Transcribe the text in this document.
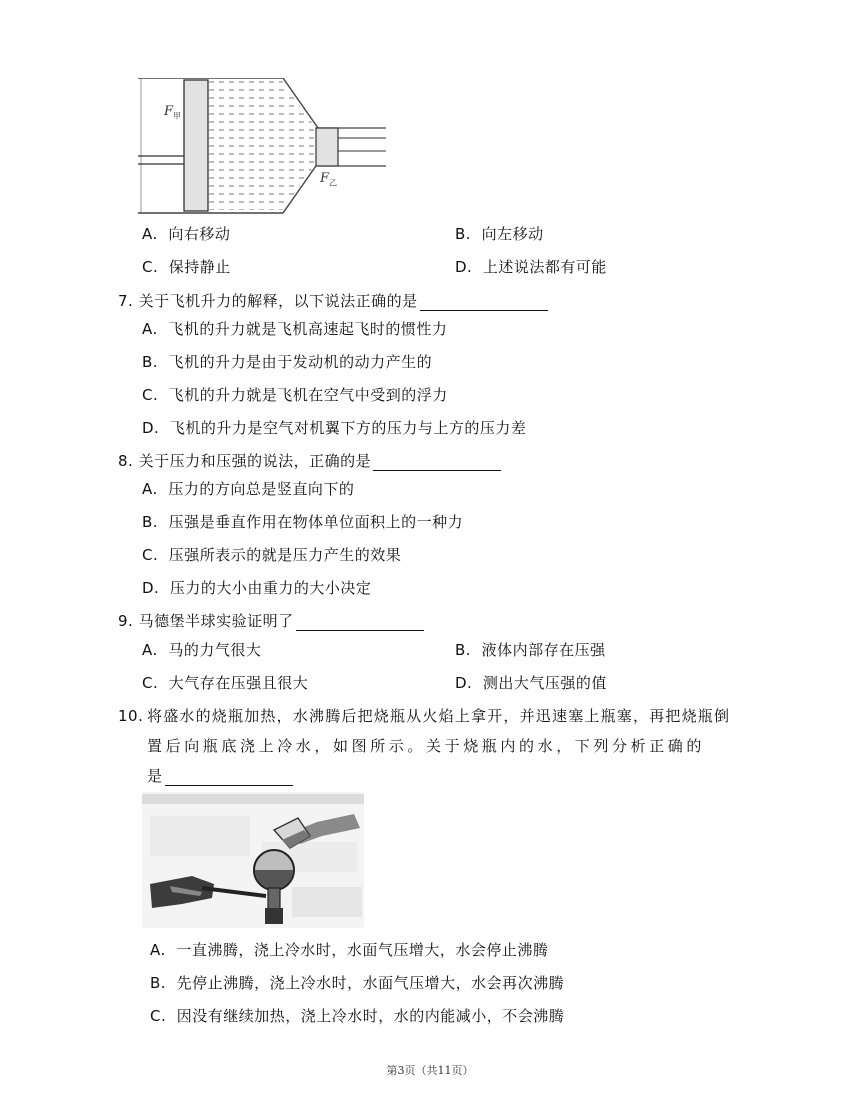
$F_甲$
$F_乙$
A. 向右移动	B. 向左移动
C. 保持静止	D. 上述说法都有可能
7. 关于飞机升力的解释，以下说法正确的是
A. 飞机的升力就是飞机高速起飞时的惯性力
B. 飞机的升力是由于发动机的动力产生的
C. 飞机的升力就是飞机在空气中受到的浮力
D. 飞机的升力是空气对机翼下方的压力与上方的压力差
8. 关于压力和压强的说法，正确的是
A. 压力的方向总是竖直向下的
B. 压强是垂直作用在物体单位面积上的一种力
C. 压强所表示的就是压力产生的效果
D. 压力的大小由重力的大小决定
9. 马德堡半球实验证明了
A. 马的力气很大	B. 液体内部存在压强
C. 大气存在压强且很大	D. 测出大气压强的值
10. 将盛水的烧瓶加热，水沸腾后把烧瓶从火焰上拿开，并迅速塞上瓶塞，再把烧瓶倒
置后向瓶底浇上冷水，如图所示。关于烧瓶内的水，下列分析正确的
是
A. 一直沸腾，浇上冷水时，水面气压增大，水会停止沸腾
B. 先停止沸腾，浇上冷水时，水面气压增大，水会再次沸腾
C. 因没有继续加热，浇上冷水时，水的内能减小，不会沸腾
第3页（共11页）
